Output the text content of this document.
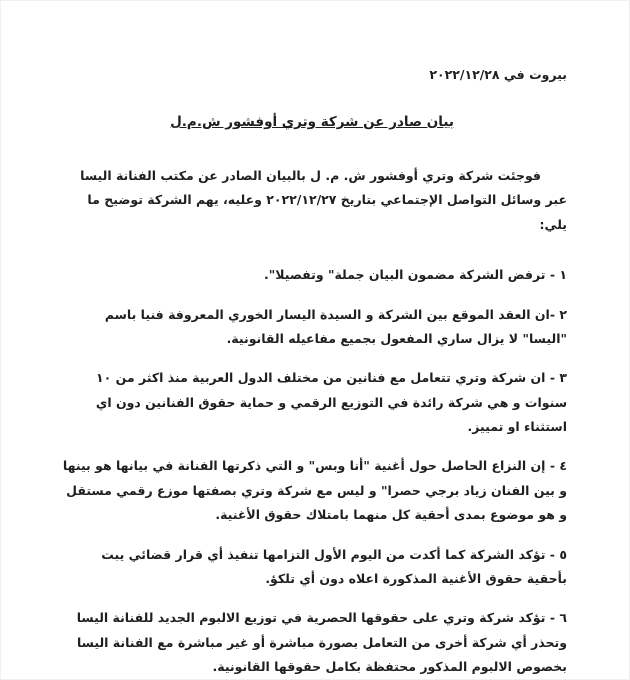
بيروت في ٢٠٢٢/١٢/٢٨
بيان صادر عن شركة وتري أوفشور ش.م.ل

فوجئت شركة وتري أوفشور ش. م. ل بالبيان الصادر عن مكتب الفنانة اليسا عبر وسائل التواصل الإجتماعي بتاريخ ٢٠٢٢/١٢/٢٧ وعليه، يهم الشركة توضيح ما يلي:

١ - ترفض الشركة مضمون البيان جملة" وتفصيلا".

٢ -ان العقد الموقع بين الشركة و السيدة اليسار الخوري المعروفة فنيا باسم "اليسا" لا يزال ساري المفعول بجميع مفاعيله القانونية.

٣ - ان شركة وتري تتعامل مع فنانين من مختلف الدول العربية منذ اكثر من ١٠ سنوات و هي شركة رائدة في التوزيع الرقمي و حماية حقوق الفنانين دون اي استثناء او تمييز.

٤ - إن النزاع الحاصل حول أغنية "أنا وبس" و التي ذكرتها الفنانة في بيانها هو بينها و بين الفنان زياد برجي حصرا" و ليس مع شركة وتري بصفتها موزع رقمي مستقل و هو موضوع بمدى أحقية كل منهما بامتلاك حقوق الأغنية.

٥ - تؤكد الشركة كما أكدت من اليوم الأول التزامها تنفيذ أي قرار قضائي يبت بأحقية حقوق الأغنية المذكورة اعلاه دون أي تلكؤ.

٦ - تؤكد شركة وتري على حقوقها الحصرية في توزيع الالبوم الجديد للفنانة اليسا وتحذر أي شركة أخرى من التعامل بصورة مباشرة أو غير مباشرة مع الفنانة اليسا بخصوص الالبوم المذكور محتفظة بكامل حقوقها القانونية.
